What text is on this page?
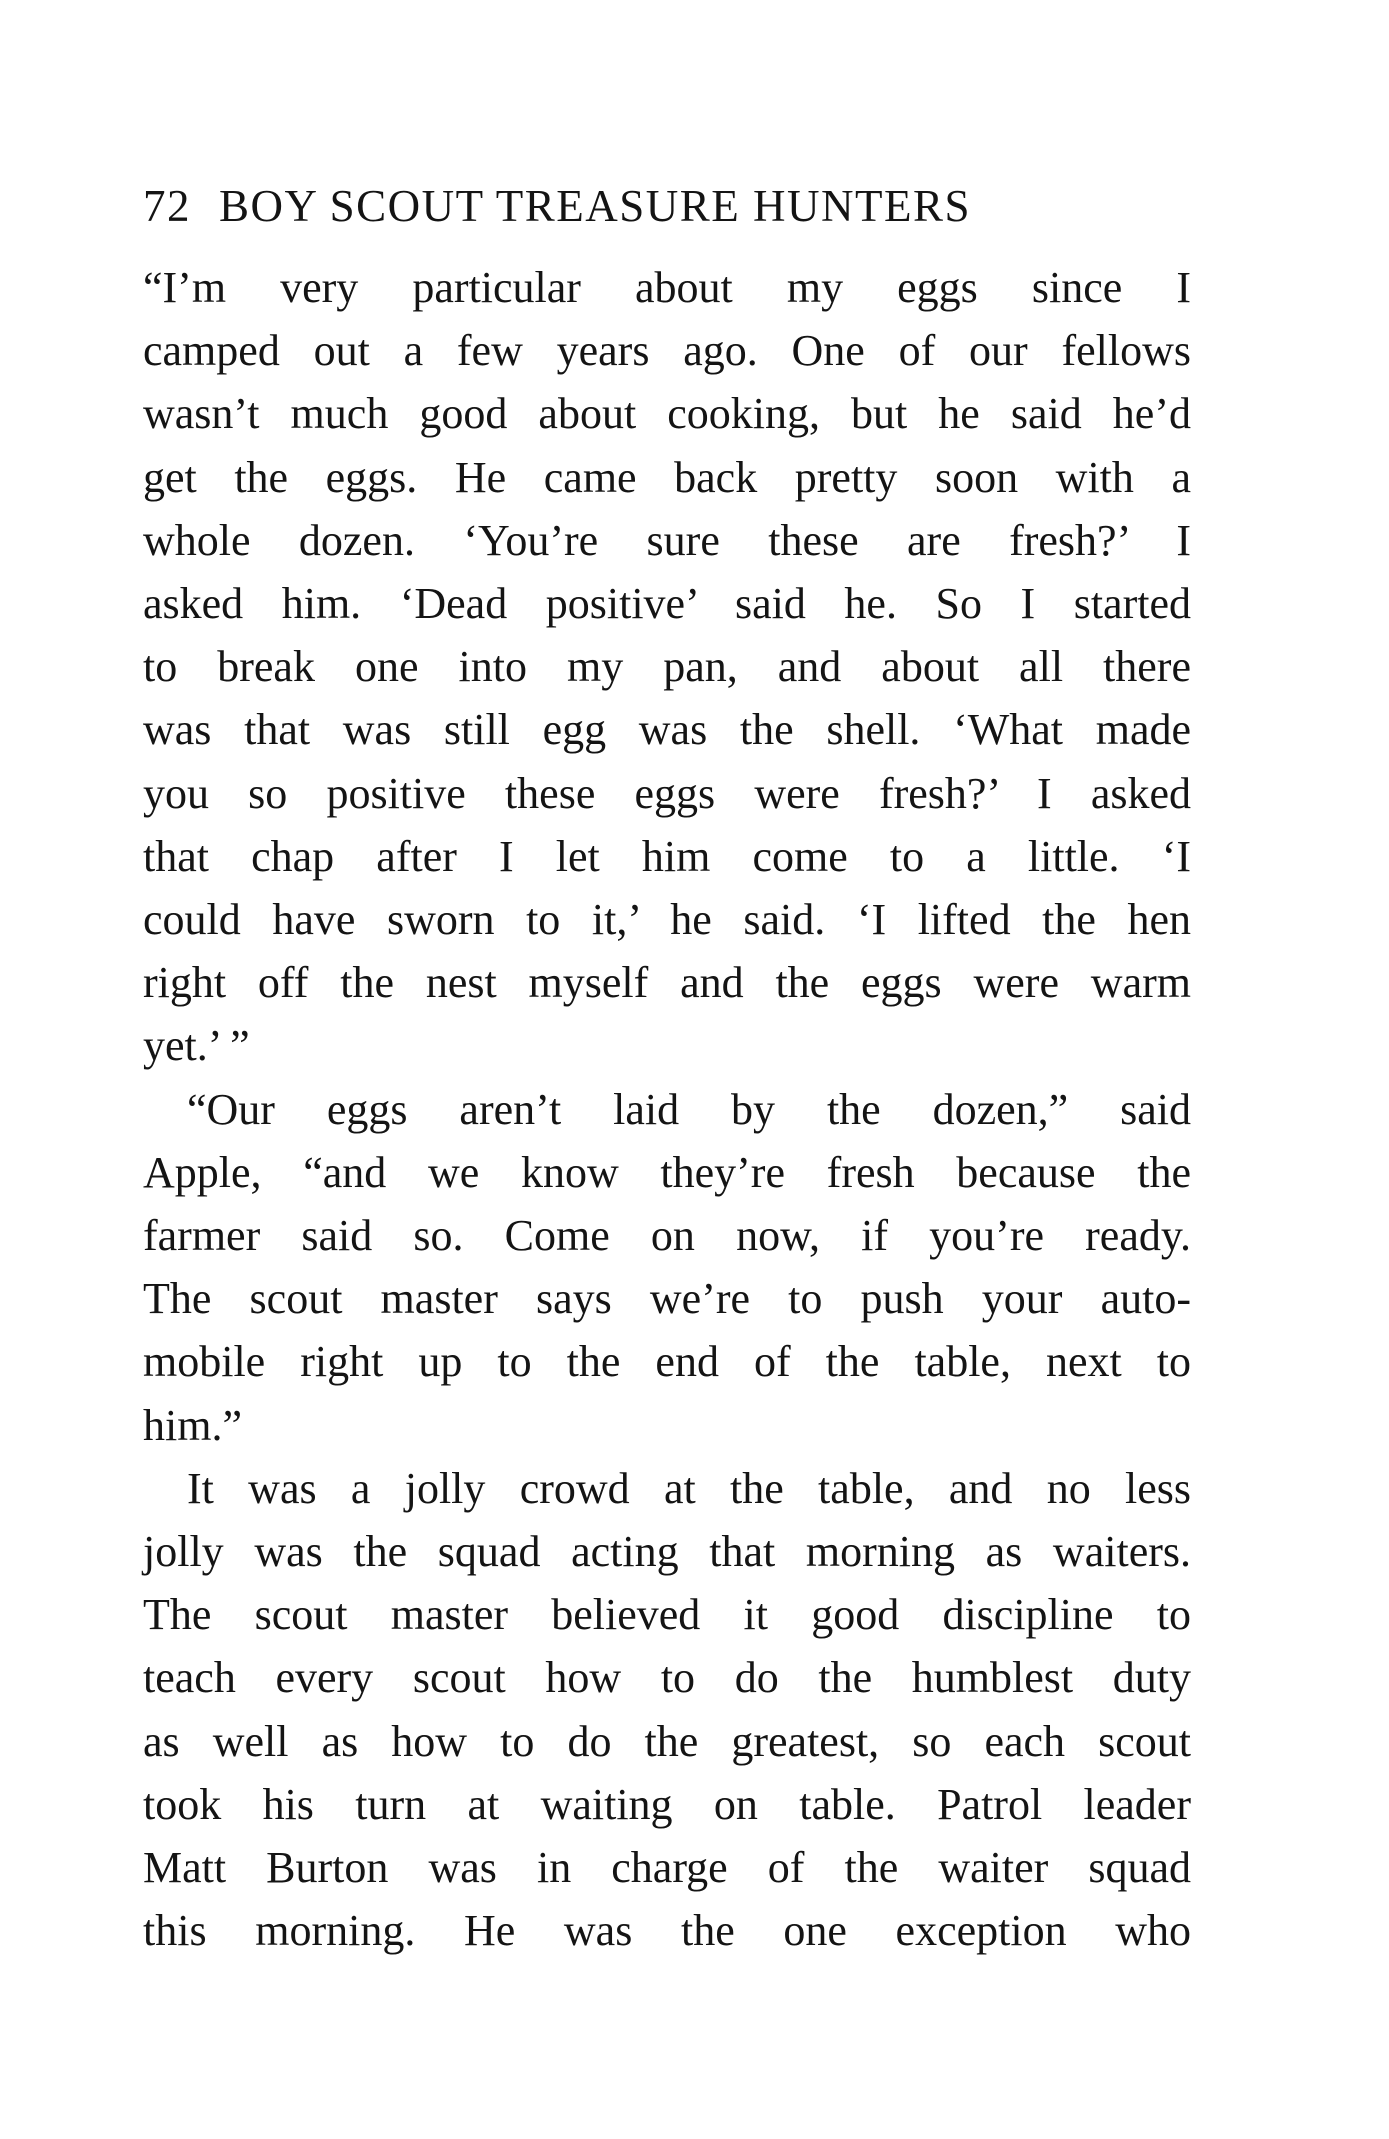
72 BOY SCOUT TREASURE HUNTERS

“I’m very particular about my eggs since I
camped out a few years ago. One of our fellows
wasn’t much good about cooking, but he said he’d
get the eggs. He came back pretty soon with a
whole dozen. ‘You’re sure these are fresh?’ I
asked him. ‘Dead positive’ said he. So I started
to break one into my pan, and about all there
was that was still egg was the shell. ‘What made
you so positive these eggs were fresh?’ I asked
that chap after I let him come to a little. ‘I
could have sworn to it,’ he said. ‘I lifted the hen
right off the nest myself and the eggs were warm
yet.’ ”

“Our eggs aren’t laid by the dozen,” said
Apple, “and we know they’re fresh because the
farmer said so. Come on now, if you’re ready.
The scout master says we’re to push your auto-
mobile right up to the end of the table, next to
him.”

It was a jolly crowd at the table, and no less
jolly was the squad acting that morning as waiters.
The scout master believed it good discipline to
teach every scout how to do the humblest duty
as well as how to do the greatest, so each scout
took his turn at waiting on table. Patrol leader
Matt Burton was in charge of the waiter squad
this morning. He was the one exception who
